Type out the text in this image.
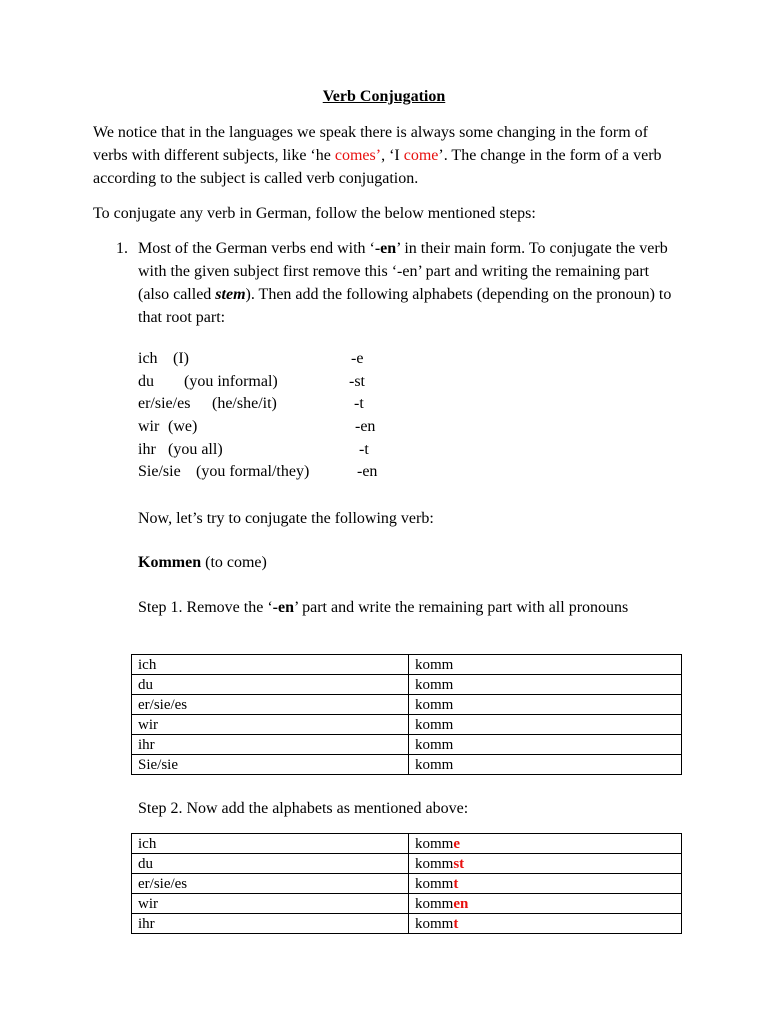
Verb Conjugation
We notice that in the languages we speak there is always some changing in the form of verbs with different subjects, like ‘he comes’, ‘I come’. The change in the form of a verb according to the subject is called verb conjugation.
To conjugate any verb in German, follow the below mentioned steps:
1. Most of the German verbs end with ‘-en’ in their main form. To conjugate the verb with the given subject first remove this ‘-en’ part and writing the remaining part (also called stem). Then add the following alphabets (depending on the pronoun) to that root part:
ich (I)	-e
du (you informal)	-st
er/sie/es (he/she/it)	-t
wir (we)	-en
ihr (you all)	-t
Sie/sie (you formal/they)	-en
Now, let’s try to conjugate the following verb:
Kommen (to come)
Step 1. Remove the ‘-en’ part and write the remaining part with all pronouns
ich	komm
du	komm
er/sie/es	komm
wir	komm
ihr	komm
Sie/sie	komm
Step 2. Now add the alphabets as mentioned above:
ich	komme
du	kommst
er/sie/es	kommt
wir	kommen
ihr	kommt
